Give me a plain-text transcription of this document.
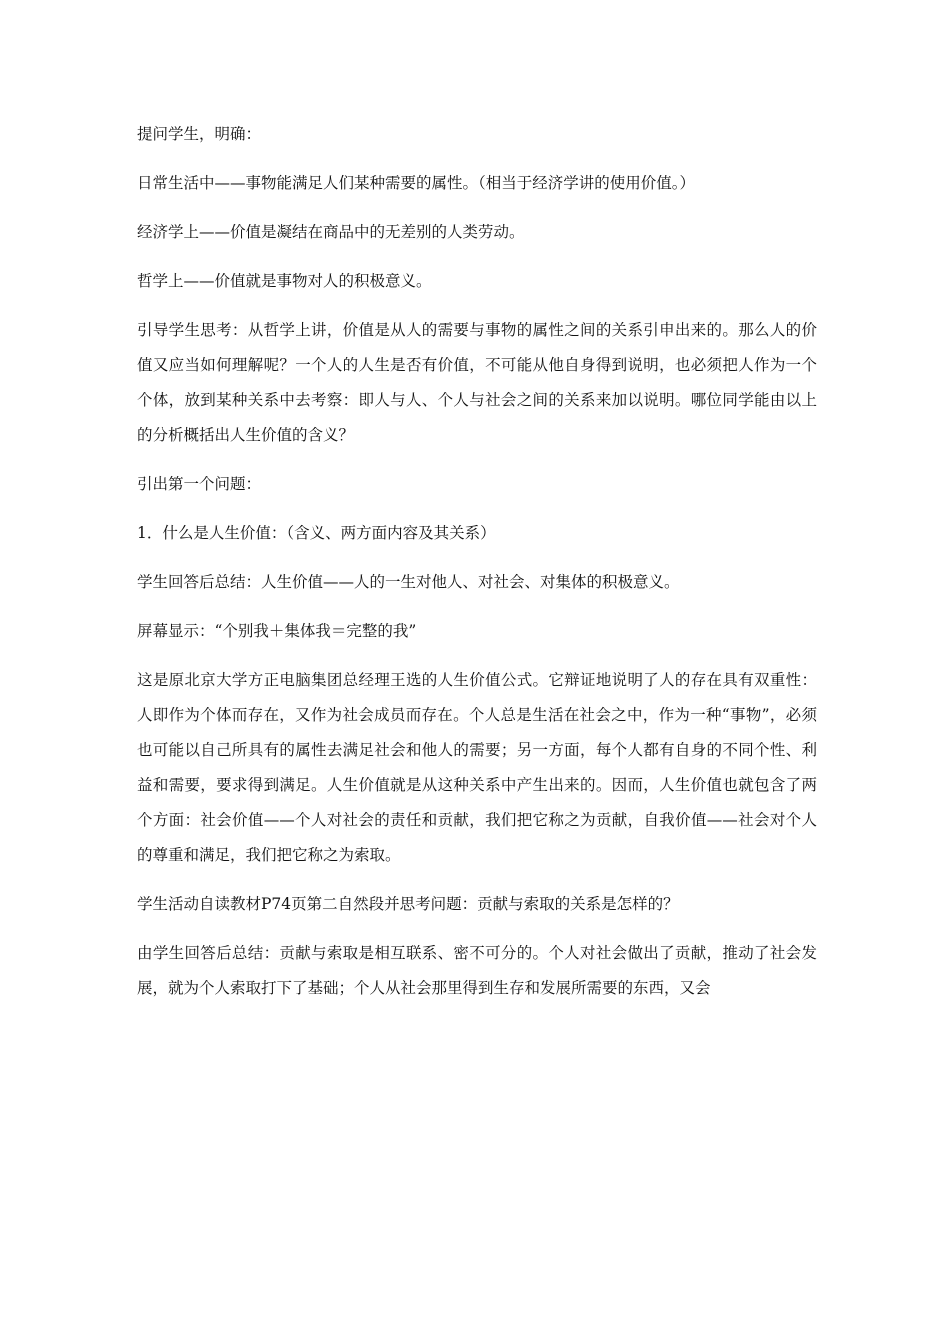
提问学生，明确：

日常生活中——事物能满足人们某种需要的属性。（相当于经济学讲的使用价值。）

经济学上——价值是凝结在商品中的无差别的人类劳动。

哲学上——价值就是事物对人的积极意义。

引导学生思考：从哲学上讲，价值是从人的需要与事物的属性之间的关系引申出来的。那么人的价值又应当如何理解呢？一个人的人生是否有价值，不可能从他自身得到说明，也必须把人作为一个个体，放到某种关系中去考察：即人与人、个人与社会之间的关系来加以说明。哪位同学能由以上的分析概括出人生价值的含义？

引出第一个问题：

1．什么是人生价值：（含义、两方面内容及其关系）

学生回答后总结：人生价值——人的一生对他人、对社会、对集体的积极意义。

屏幕显示：“个别我＋集体我＝完整的我”

这是原北京大学方正电脑集团总经理王选的人生价值公式。它辩证地说明了人的存在具有双重性：人即作为个体而存在，又作为社会成员而存在。个人总是生活在社会之中，作为一种“事物”，必须也可能以自己所具有的属性去满足社会和他人的需要；另一方面，每个人都有自身的不同个性、利益和需要，要求得到满足。人生价值就是从这种关系中产生出来的。因而，人生价值也就包含了两个方面：社会价值——个人对社会的责任和贡献，我们把它称之为贡献，自我价值——社会对个人的尊重和满足，我们把它称之为索取。

学生活动自读教材P74页第二自然段并思考问题：贡献与索取的关系是怎样的？

由学生回答后总结：贡献与索取是相互联系、密不可分的。个人对社会做出了贡献，推动了社会发展，就为个人索取打下了基础；个人从社会那里得到生存和发展所需要的东西，又会
